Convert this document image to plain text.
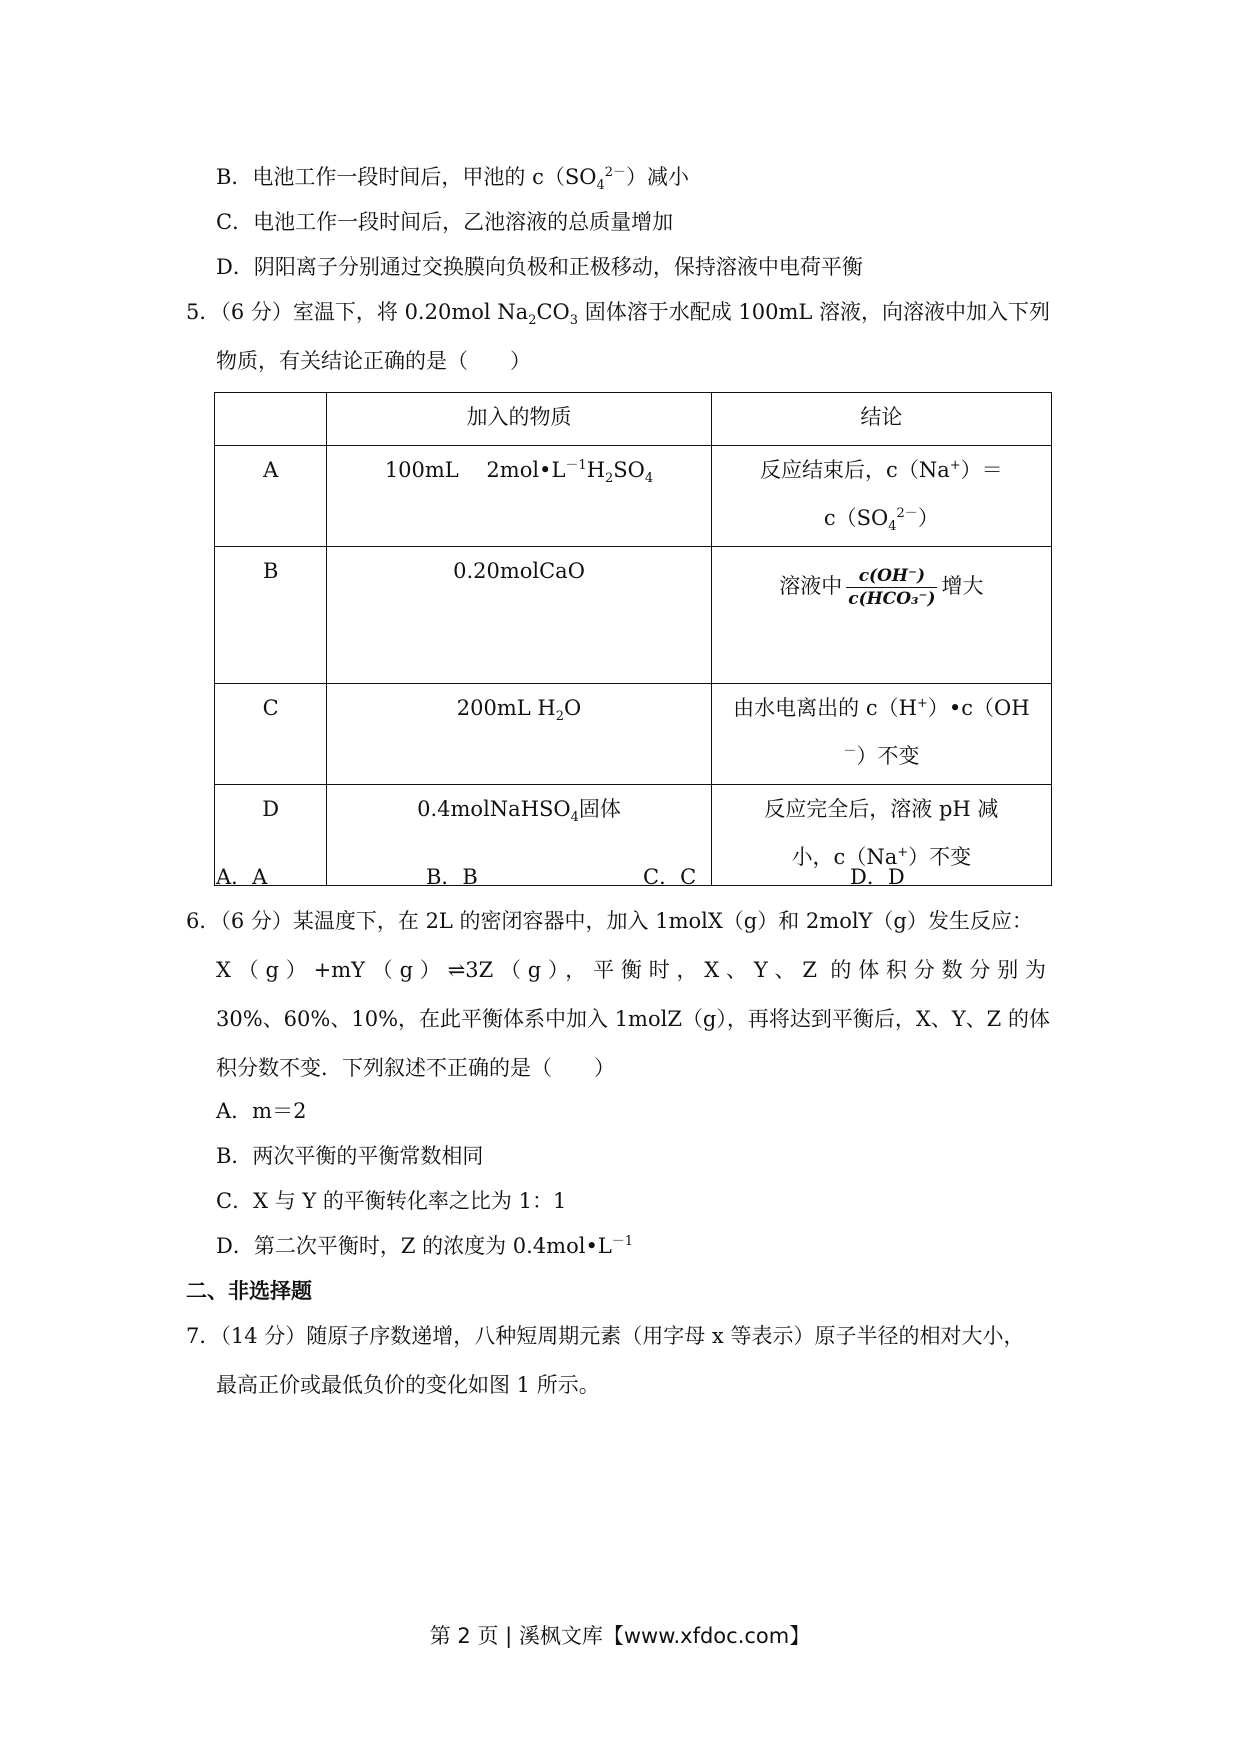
B．电池工作一段时间后，甲池的 $c(SO_4^{2-})$减小
C．电池工作一段时间后，乙池溶液的总质量增加
D．阴阳离子分别通过交换膜向负极和正极移动，保持溶液中电荷平衡
5．（6 分）室温下，将 0.20mol $Na_2CO_3$ 固体溶于水配成 100mL 溶液，向溶液中加入下列
物质，有关结论正确的是（　　）
	加入的物质	结论
A	100mL　 $2mol•L^{-1}H_2SO_4$	反应结束后，c（Na+）＝
$c(SO_4^{2-})$

B	0.20molCaO	溶液中 $\frac{c(OH^-)}{\text{c(HCO₃⁻)}}$ 增大
C	200mL $H_2O$	由水电离出的 c（H+）•c（OH
－）不变

D	0.4molNaHSO$_4$固体	反应完全后，溶液 pH 减
小，c（Na+）不变
A．A	B．B	C．C	D．D
6．（6 分）某温度下，在 2L 的密闭容器中，加入 1molX（g）和 2molY（g）发生反应：
X（g）+mY（g）⇌3Z（g），平衡时，X、Y、Z 的体积分数分别为
30%、60%、10%，在此平衡体系中加入 1molZ（g），再将达到平衡后，X、Y、Z 的体
积分数不变．下列叙述不正确的是（　　）
A．m＝2
B．两次平衡的平衡常数相同
C．X 与 Y 的平衡转化率之比为 1：1
D．第二次平衡时，Z 的浓度为 $0.4mol•L^{-1}$
二、非选择题
7．（14 分）随原子序数递增，八种短周期元素（用字母 x 等表示）原子半径的相对大小，
最高正价或最低负价的变化如图 1 所示。
第 2 页 | 溪枫文库【www.xfdoc.com】
